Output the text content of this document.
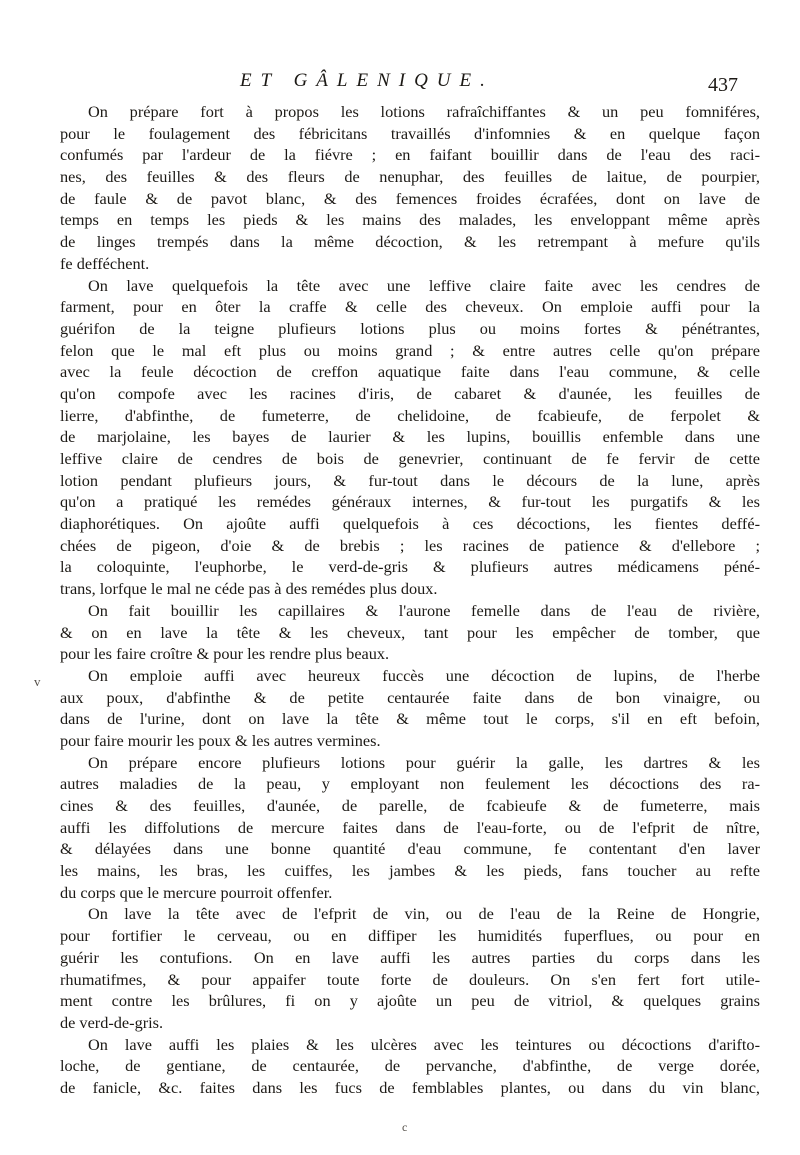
ET GÂLENIQUE.	437
On prépare fort à propos les lotions rafraîchiffantes & un peu fomniféres,
pour le foulagement des fébricitans travaillés d'infomnies & en quelque façon
confumés par l'ardeur de la fiévre ; en faifant bouillir dans de l'eau des raci-
nes, des feuilles & des fleurs de nenuphar, des feuilles de laitue, de pourpier,
de faule & de pavot blanc, & des femences froides écrafées, dont on lave de
temps en temps les pieds & les mains des malades, les enveloppant même après
de linges trempés dans la même décoction, & les retrempant à mefure qu'ils
fe defféchent.
On lave quelquefois la tête avec une leffive claire faite avec les cendres de
farment, pour en ôter la craffe & celle des cheveux. On emploie auffi pour la
guérifon de la teigne plufieurs lotions plus ou moins fortes & pénétrantes,
felon que le mal eft plus ou moins grand ; & entre autres celle qu'on prépare
avec la feule décoction de creffon aquatique faite dans l'eau commune, & celle
qu'on compofe avec les racines d'iris, de cabaret & d'aunée, les feuilles de
lierre, d'abfinthe, de fumeterre, de chelidoine, de fcabieufe, de ferpolet &
de marjolaine, les bayes de laurier & les lupins, bouillis enfemble dans une
leffive claire de cendres de bois de genevrier, continuant de fe fervir de cette
lotion pendant plufieurs jours, & fur-tout dans le décours de la lune, après
qu'on a pratiqué les remédes généraux internes, & fur-tout les purgatifs & les
diaphorétiques. On ajoûte auffi quelquefois à ces décoctions, les fientes deffé-
chées de pigeon, d'oie & de brebis ; les racines de patience & d'ellebore ;
la coloquinte, l'euphorbe, le verd-de-gris & plufieurs autres médicamens péné-
trans, lorfque le mal ne céde pas à des remédes plus doux.
On fait bouillir les capillaires & l'aurone femelle dans de l'eau de rivière,
& on en lave la tête & les cheveux, tant pour les empêcher de tomber, que
pour les faire croître & pour les rendre plus beaux.
On emploie auffi avec heureux fuccès une décoction de lupins, de l'herbe
aux poux, d'abfinthe & de petite centaurée faite dans de bon vinaigre, ou
dans de l'urine, dont on lave la tête & même tout le corps, s'il en eft befoin,
pour faire mourir les poux & les autres vermines.
On prépare encore plufieurs lotions pour guérir la galle, les dartres & les
autres maladies de la peau, y employant non feulement les décoctions des ra-
cines & des feuilles, d'aunée, de parelle, de fcabieufe & de fumeterre, mais
auffi les diffolutions de mercure faites dans de l'eau-forte, ou de l'efprit de nître,
& délayées dans une bonne quantité d'eau commune, fe contentant d'en laver
les mains, les bras, les cuiffes, les jambes & les pieds, fans toucher au refte
du corps que le mercure pourroit offenfer.
On lave la tête avec de l'efprit de vin, ou de l'eau de la Reine de Hongrie,
pour fortifier le cerveau, ou en diffiper les humidités fuperflues, ou pour en
guérir les contufions. On en lave auffi les autres parties du corps dans les
rhumatifmes, & pour appaifer toute forte de douleurs. On s'en fert fort utile-
ment contre les brûlures, fi on y ajoûte un peu de vitriol, & quelques grains
de verd-de-gris.
On lave auffi les plaies & les ulcères avec les teintures ou décoctions d'arifto-
loche, de gentiane, de centaurée, de pervanche, d'abfinthe, de verge dorée,
de fanicle, &c. faites dans les fucs de femblables plantes, ou dans du vin blanc,
v
c
